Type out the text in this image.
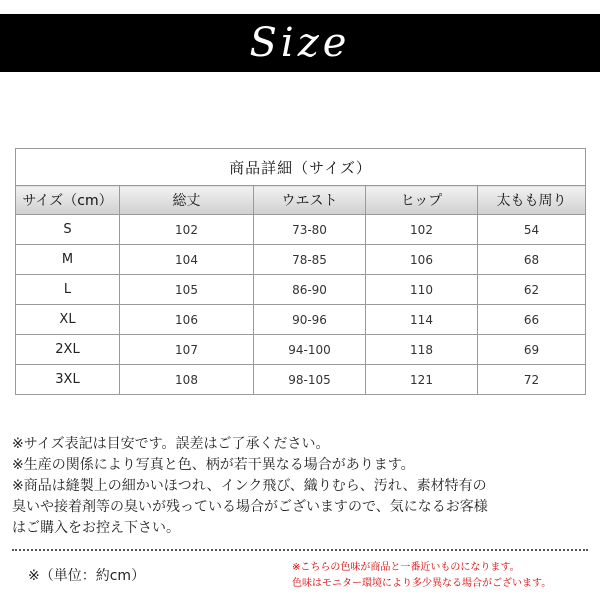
Size
商品詳細（サイズ）				
サイズ（cm）	総丈	ウエスト	ヒップ	太もも周り
S	102	73-80	102	54
M	104	78-85	106	68
L	105	86-90	110	62
XL	106	90-96	114	66
2XL	107	94-100	118	69
3XL	108	98-105	121	72
※サイズ表記は目安です。誤差はご了承ください。
※生産の関係により写真と色、柄が若干異なる場合があります。
※商品は縫製上の細かいほつれ、インク飛び、織りむら、汚れ、素材特有の
臭いや接着剤等の臭いが残っている場合がございますので、気になるお客様
はご購入をお控え下さい。
※（単位：約cm）
※こちらの色味が商品と一番近いものになります。
色味はモニター環境により多少異なる場合がございます。
